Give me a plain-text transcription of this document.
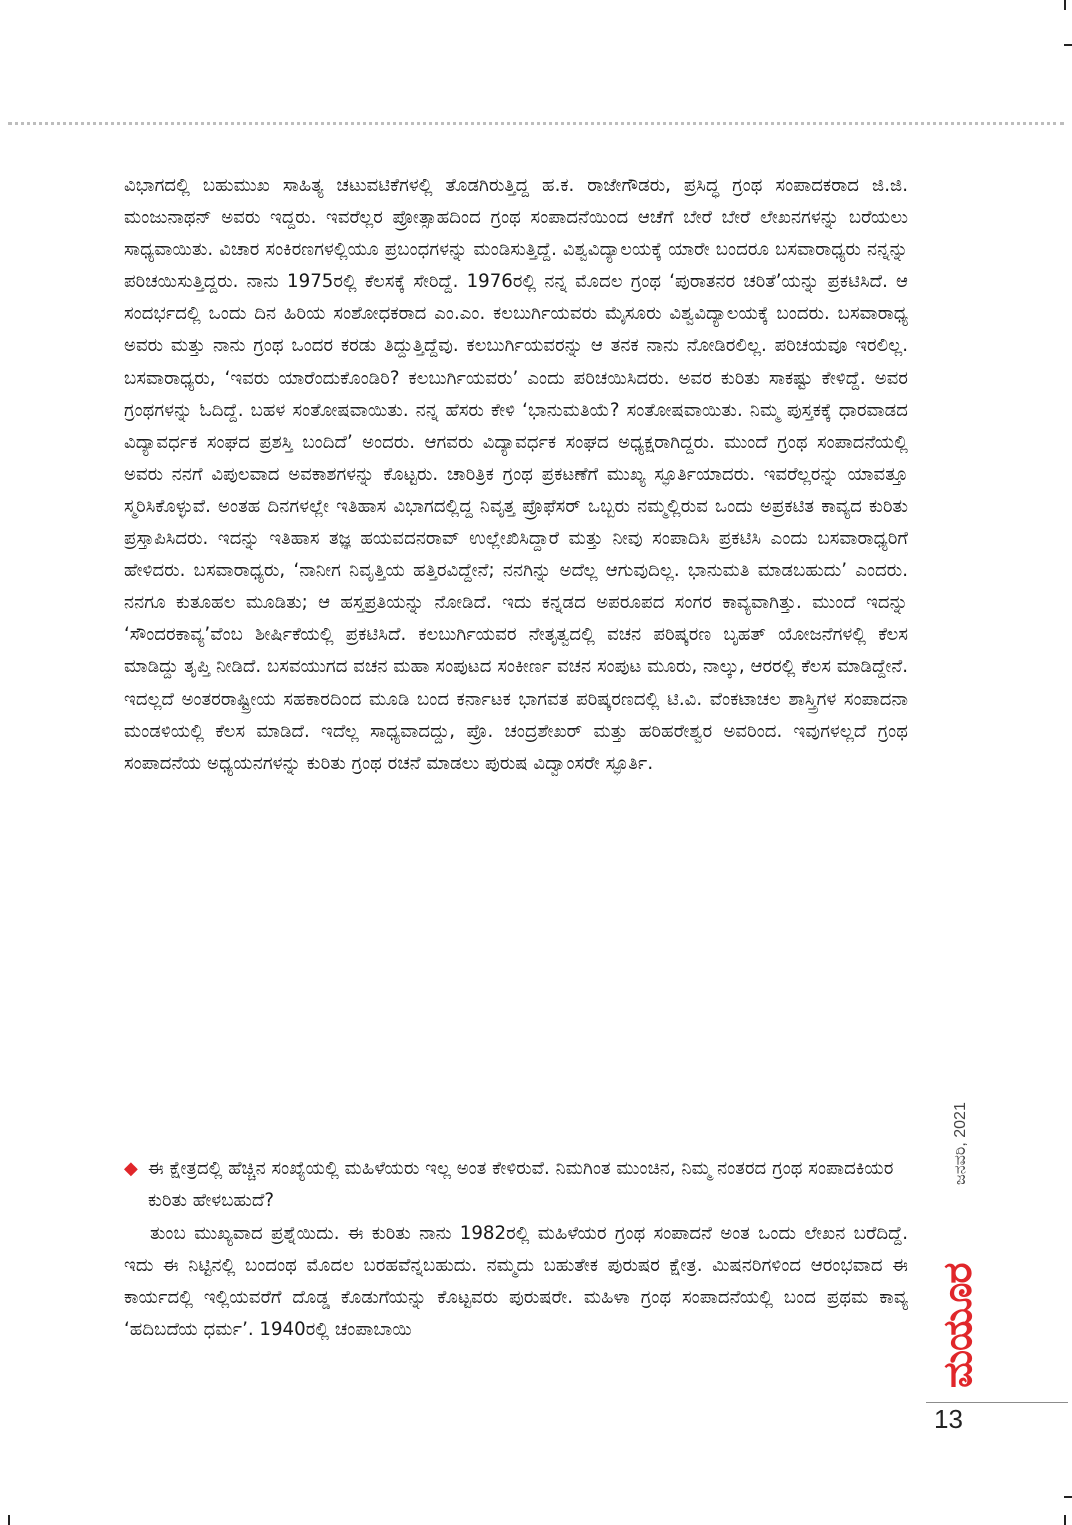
ವಿಭಾಗದಲ್ಲಿ ಬಹುಮುಖ ಸಾಹಿತ್ಯ ಚಟುವಟಿಕೆಗಳಲ್ಲಿ ತೊಡಗಿರುತ್ತಿದ್ದ ಹ.ಕ. ರಾಜೇಗೌಡರು, ಪ್ರಸಿದ್ಧ ಗ್ರಂಥ ಸಂಪಾದಕರಾದ ಜಿ.ಜಿ. ಮಂಜುನಾಥನ್ ಅವರು ಇದ್ದರು. ಇವರೆಲ್ಲರ ಪ್ರೋತ್ಸಾಹದಿಂದ ಗ್ರಂಥ ಸಂಪಾದನೆಯಿಂದ ಆಚೆಗೆ ಬೇರೆ ಬೇರೆ ಲೇಖನಗಳನ್ನು ಬರೆಯಲು ಸಾಧ್ಯವಾಯಿತು. ವಿಚಾರ ಸಂಕಿರಣಗಳಲ್ಲಿಯೂ ಪ್ರಬಂಧಗಳನ್ನು ಮಂಡಿಸುತ್ತಿದ್ದೆ. ವಿಶ್ವವಿದ್ಯಾಲಯಕ್ಕೆ ಯಾರೇ ಬಂದರೂ ಬಸವಾರಾಧ್ಯರು ನನ್ನನ್ನು ಪರಿಚಯಿಸುತ್ತಿದ್ದರು. ನಾನು 1975ರಲ್ಲಿ ಕೆಲಸಕ್ಕೆ ಸೇರಿದ್ದೆ. 1976ರಲ್ಲಿ ನನ್ನ ಮೊದಲ ಗ್ರಂಥ ‘ಪುರಾತನರ ಚರಿತೆ’ಯನ್ನು ಪ್ರಕಟಿಸಿದೆ. ಆ ಸಂದರ್ಭದಲ್ಲಿ ಒಂದು ದಿನ ಹಿರಿಯ ಸಂಶೋಧಕರಾದ ಎಂ.ಎಂ. ಕಲಬುರ್ಗಿಯವರು ಮೈಸೂರು ವಿಶ್ವವಿದ್ಯಾಲಯಕ್ಕೆ ಬಂದರು. ಬಸವಾರಾಧ್ಯ ಅವರು ಮತ್ತು ನಾನು ಗ್ರಂಥ ಒಂದರ ಕರಡು ತಿದ್ದುತ್ತಿದ್ದೆವು. ಕಲಬುರ್ಗಿಯವರನ್ನು ಆ ತನಕ ನಾನು ನೋಡಿರಲಿಲ್ಲ. ಪರಿಚಯವೂ ಇರಲಿಲ್ಲ. ಬಸವಾರಾಧ್ಯರು, ‘ಇವರು ಯಾರೆಂದುಕೊಂಡಿರಿ? ಕಲಬುರ್ಗಿಯವರು’ ಎಂದು ಪರಿಚಯಿಸಿದರು. ಅವರ ಕುರಿತು ಸಾಕಷ್ಟು ಕೇಳಿದ್ದೆ. ಅವರ ಗ್ರಂಥಗಳನ್ನು ಓದಿದ್ದೆ. ಬಹಳ ಸಂತೋಷವಾಯಿತು. ನನ್ನ ಹೆಸರು ಕೇಳಿ ‘ಭಾನುಮತಿಯೆ? ಸಂತೋಷವಾಯಿತು. ನಿಮ್ಮ ಪುಸ್ತಕಕ್ಕೆ ಧಾರವಾಡದ ವಿದ್ಯಾವರ್ಧಕ ಸಂಘದ ಪ್ರಶಸ್ತಿ ಬಂದಿದೆ’ ಅಂದರು. ಆಗವರು ವಿದ್ಯಾವರ್ಧಕ ಸಂಘದ ಅಧ್ಯಕ್ಷರಾಗಿದ್ದರು. ಮುಂದೆ ಗ್ರಂಥ ಸಂಪಾದನೆಯಲ್ಲಿ ಅವರು ನನಗೆ ವಿಪುಲವಾದ ಅವಕಾಶಗಳನ್ನು ಕೊಟ್ಟರು. ಚಾರಿತ್ರಿಕ ಗ್ರಂಥ ಪ್ರಕಟಣೆಗೆ ಮುಖ್ಯ ಸ್ಫೂರ್ತಿಯಾದರು. ಇವರೆಲ್ಲರನ್ನು ಯಾವತ್ತೂ ಸ್ಮರಿಸಿಕೊಳ್ಳುವೆ. ಅಂತಹ ದಿನಗಳಲ್ಲೇ ಇತಿಹಾಸ ವಿಭಾಗದಲ್ಲಿದ್ದ ನಿವೃತ್ತ ಪ್ರೊಫೆಸರ್ ಒಬ್ಬರು ನಮ್ಮಲ್ಲಿರುವ ಒಂದು ಅಪ್ರಕಟಿತ ಕಾವ್ಯದ ಕುರಿತು ಪ್ರಸ್ತಾಪಿಸಿದರು. ಇದನ್ನು ಇತಿಹಾಸ ತಜ್ಞ ಹಯವದನರಾವ್ ಉಲ್ಲೇಖಿಸಿದ್ದಾರೆ ಮತ್ತು ನೀವು ಸಂಪಾದಿಸಿ ಪ್ರಕಟಿಸಿ ಎಂದು ಬಸವಾರಾಧ್ಯರಿಗೆ ಹೇಳಿದರು. ಬಸವಾರಾಧ್ಯರು, ‘ನಾನೀಗ ನಿವೃತ್ತಿಯ ಹತ್ತಿರವಿದ್ದೇನೆ; ನನಗಿನ್ನು ಅದೆಲ್ಲ ಆಗುವುದಿಲ್ಲ. ಭಾನುಮತಿ ಮಾಡಬಹುದು’ ಎಂದರು. ನನಗೂ ಕುತೂಹಲ ಮೂಡಿತು; ಆ ಹಸ್ತಪ್ರತಿಯನ್ನು ನೋಡಿದೆ. ಇದು ಕನ್ನಡದ ಅಪರೂಪದ ಸಂಗರ ಕಾವ್ಯವಾಗಿತ್ತು. ಮುಂದೆ ಇದನ್ನು ‘ಸೌಂದರಕಾವ್ಯ’ವೆಂಬ ಶೀರ್ಷಿಕೆಯಲ್ಲಿ ಪ್ರಕಟಿಸಿದೆ. ಕಲಬುರ್ಗಿಯವರ ನೇತೃತ್ವದಲ್ಲಿ ವಚನ ಪರಿಷ್ಕರಣ ಬೃಹತ್ ಯೋಜನೆಗಳಲ್ಲಿ ಕೆಲಸ ಮಾಡಿದ್ದು ತೃಪ್ತಿ ನೀಡಿದೆ. ಬಸವಯುಗದ ವಚನ ಮಹಾ ಸಂಪುಟದ ಸಂಕೀರ್ಣ ವಚನ ಸಂಪುಟ ಮೂರು, ನಾಲ್ಕು, ಆರರಲ್ಲಿ ಕೆಲಸ ಮಾಡಿದ್ದೇನೆ. ಇದಲ್ಲದೆ ಅಂತರರಾಷ್ಟ್ರೀಯ ಸಹಕಾರದಿಂದ ಮೂಡಿ ಬಂದ ಕರ್ನಾಟಕ ಭಾಗವತ ಪರಿಷ್ಕರಣದಲ್ಲಿ ಟಿ.ವಿ. ವೆಂಕಟಾಚಲ ಶಾಸ್ತ್ರಿಗಳ ಸಂಪಾದನಾ ಮಂಡಳಿಯಲ್ಲಿ ಕೆಲಸ ಮಾಡಿದೆ. ಇದೆಲ್ಲ ಸಾಧ್ಯವಾದದ್ದು, ಪ್ರೊ. ಚಂದ್ರಶೇಖರ್ ಮತ್ತು ಹರಿಹರೇಶ್ವರ ಅವರಿಂದ. ಇವುಗಳಲ್ಲದೆ ಗ್ರಂಥ ಸಂಪಾದನೆಯ ಅಧ್ಯಯನಗಳನ್ನು ಕುರಿತು ಗ್ರಂಥ ರಚನೆ ಮಾಡಲು ಪುರುಷ ವಿದ್ವಾಂಸರೇ ಸ್ಫೂರ್ತಿ.

◆ ಈ ಕ್ಷೇತ್ರದಲ್ಲಿ ಹೆಚ್ಚಿನ ಸಂಖ್ಯೆಯಲ್ಲಿ ಮಹಿಳೆಯರು ಇಲ್ಲ ಅಂತ ಕೇಳಿರುವೆ. ನಿಮಗಿಂತ ಮುಂಚಿನ, ನಿಮ್ಮ ನಂತರದ ಗ್ರಂಥ ಸಂಪಾದಕಿಯರ ಕುರಿತು ಹೇಳಬಹುದೆ?

ತುಂಬ ಮುಖ್ಯವಾದ ಪ್ರಶ್ನೆಯಿದು. ಈ ಕುರಿತು ನಾನು 1982ರಲ್ಲಿ ಮಹಿಳೆಯರ ಗ್ರಂಥ ಸಂಪಾದನೆ ಅಂತ ಒಂದು ಲೇಖನ ಬರೆದಿದ್ದೆ. ಇದು ಈ ನಿಟ್ಟಿನಲ್ಲಿ ಬಂದಂಥ ಮೊದಲ ಬರಹವೆನ್ನಬಹುದು. ನಮ್ಮದು ಬಹುತೇಕ ಪುರುಷರ ಕ್ಷೇತ್ರ. ಮಿಷನರಿಗಳಿಂದ ಆರಂಭವಾದ ಈ ಕಾರ್ಯದಲ್ಲಿ ಇಲ್ಲಿಯವರೆಗೆ ದೊಡ್ಡ ಕೊಡುಗೆಯನ್ನು ಕೊಟ್ಟವರು ಪುರುಷರೇ. ಮಹಿಳಾ ಗ್ರಂಥ ಸಂಪಾದನೆಯಲ್ಲಿ ಬಂದ ಪ್ರಥಮ ಕಾವ್ಯ ‘ಹದಿಬದೆಯ ಧರ್ಮ’. 1940ರಲ್ಲಿ ಚಂಪಾಬಾಯಿ

ಜನವರಿ, 2021
ಮಯೂರ
13
